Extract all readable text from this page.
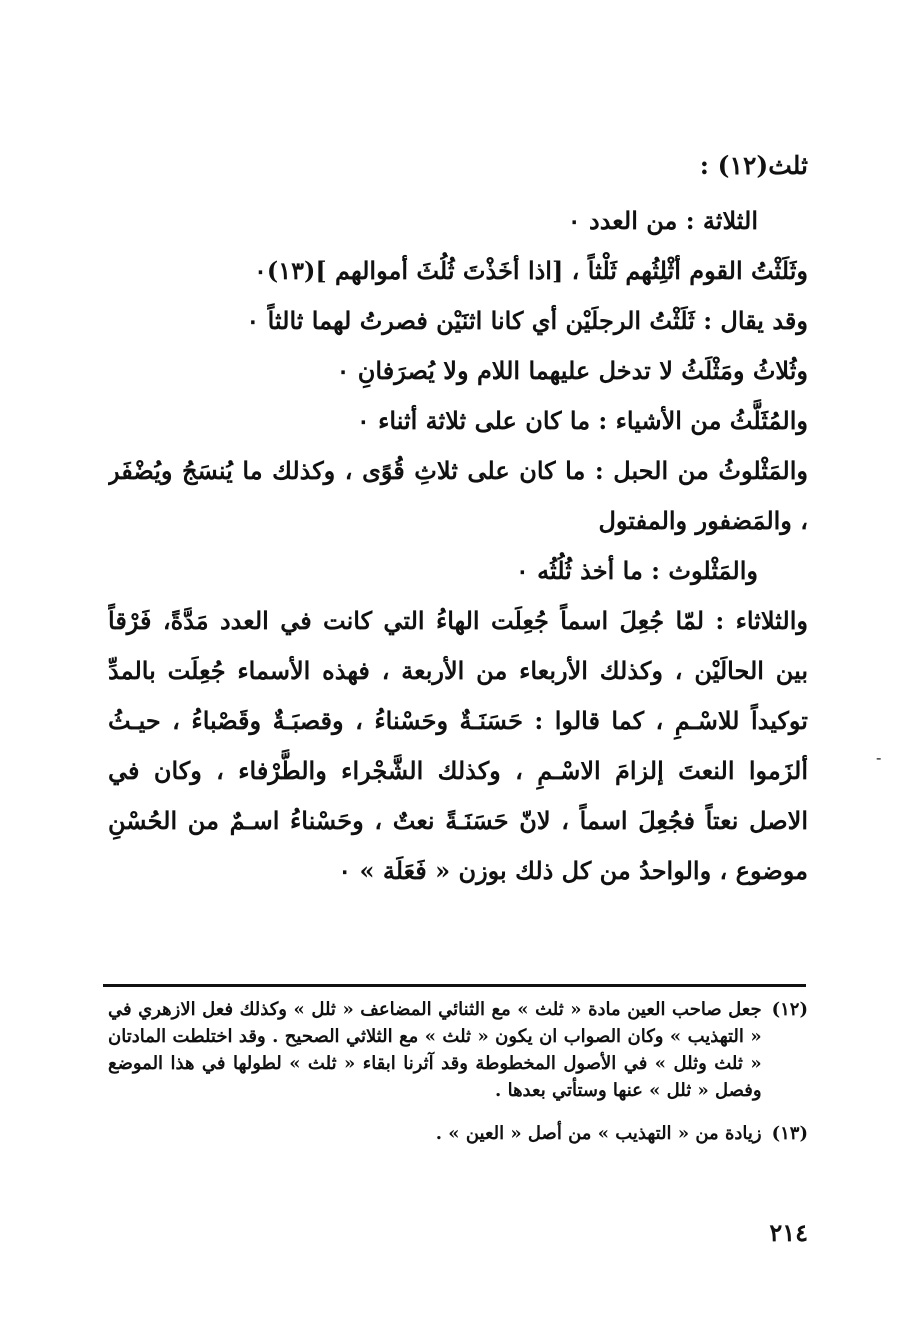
ثلث(١٢) :

الثلاثة : من العدد ٠

وثَلَثْتُ القوم أثْلِثُهم ثَلْثاً ، [اذا أخَذْتَ ثُلُثَ أموالهم ](١٣)٠

وقد يقال : ثَلَثْتُ الرجلَيْن أي كانا اثنَيْن فصرتُ لهما ثالثاً ٠

وثُلاثُ ومَثْلَثُ لا تدخل عليهما اللام ولا يُصرَفانِ ٠

والمُثَلَّثُ من الأشياء : ما كان على ثلاثة أثناء ٠

والمَثْلوثُ من الحبل : ما كان على ثلاثِ قُوًى ، وكذلك ما يُنسَجُ ويُضْفَر ، والمَضفور والمفتول

والمَثْلوث : ما أخذ ثُلُثُه ٠

والثلاثاء : لمّا جُعِلَ اسماً جُعِلَت الهاءُ التي كانت في العدد مَدَّةً، فَرْقاً بين الحالَيْن ، وكذلك الأربعاء من الأربعة ، فهذه الأسماء جُعِلَت بالمدِّ توكيداً للاسْـمِ ، كما قالوا : حَسَنَـةٌ وحَسْناءُ ، وقصبَـةٌ وقَصْباءُ ، حيـثُ ألزَموا النعتَ إلزامَ الاسْـمِ ، وكذلك الشَّجْراء والطَّرْفاء ، وكان في الاصل نعتاً فجُعِلَ اسماً ، لانّ حَسَنَـةً نعتٌ ، وحَسْناءُ اسـمٌ من الحُسْنِ موضوع ، والواحدُ من كل ذلك بوزن « فَعَلَة » ٠

(١٢)
جعل صاحب العين مادة « ثلث » مع الثنائي المضاعف « ثلل » وكذلك فعل الازهري في « التهذيب » وكان الصواب ان يكون « ثلث » مع الثلاثي الصحيح . وقد اختلطت المادتان « ثلث وثلل » في الأصول المخطوطة وقد آثرنا ابقاء « ثلث » لطولها في هذا الموضع وفصل « ثلل » عنها وستأتي بعدها .
(١٣)
زيادة من « التهذيب » من أصل « العين » .
٢١٤
-
